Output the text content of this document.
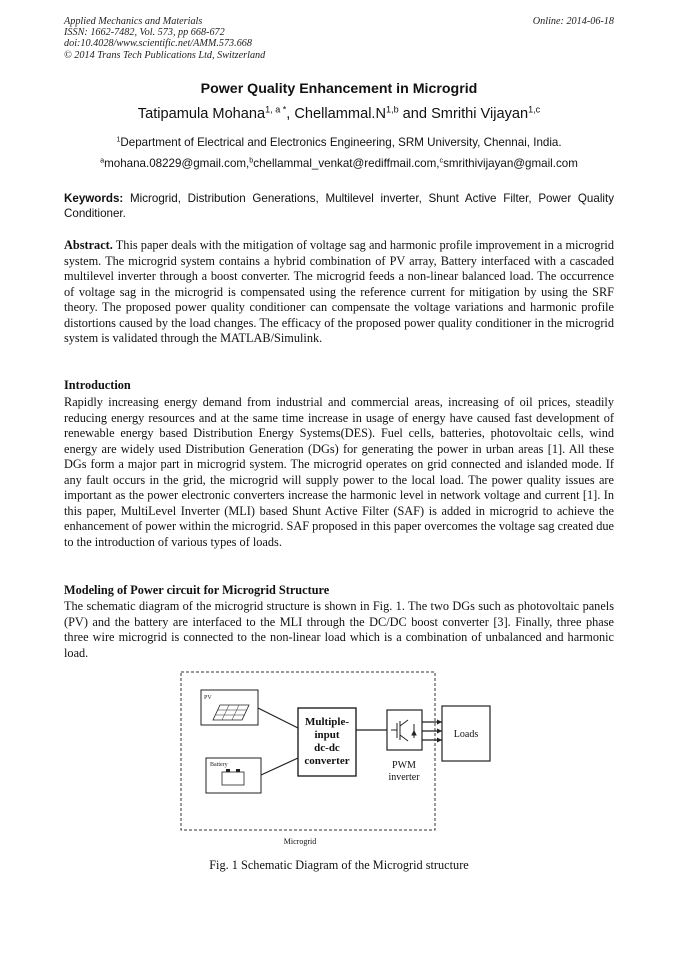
Applied Mechanics and Materials
ISSN: 1662-7482, Vol. 573, pp 668-672
doi:10.4028/www.scientific.net/AMM.573.668
© 2014 Trans Tech Publications Ltd, Switzerland
Online: 2014-06-18
Power Quality Enhancement in Microgrid
Tatipamula Mohana$^{1, a *}$, $Chellammal.N^{1,b}$ and Smrithi Vijayan$^{1,c}$
$^1$Department of Electrical and Electronics Engineering, SRM University, Chennai, India.
$^a$mohana.08229@gmail.com,$^b$chellammal_venkat@rediffmail.com,$^c$smrithivijayan@gmail.com
Keywords: Microgrid, Distribution Generations, Multilevel inverter, Shunt Active Filter, Power Quality Conditioner.
Abstract. This paper deals with the mitigation of voltage sag and harmonic profile improvement in a microgrid system. The microgrid system contains a hybrid combination of PV array, Battery interfaced with a cascaded multilevel inverter through a boost converter. The microgrid feeds a non-linear balanced load. The occurrence of voltage sag in the microgrid is compensated using the reference current for mitigation by using the SRF theory. The proposed power quality conditioner can compensate the voltage variations and harmonic profile distortions caused by the load changes. The efficacy of the proposed power quality conditioner in the microgrid system is validated through the MATLAB/Simulink.
Introduction
Rapidly increasing energy demand from industrial and commercial areas, increasing of oil prices, steadily reducing energy resources and at the same time increase in usage of energy have caused fast development of renewable energy based Distribution Energy Systems(DES). Fuel cells, batteries, photovoltaic cells, wind energy are widely used Distribution Generation (DGs) for generating the power in urban areas [1]. All these DGs form a major part in microgrid system. The microgrid operates on grid connected and islanded mode. If any fault occurs in the grid, the microgrid will supply power to the local load. The power quality issues are important as the power electronic converters increase the harmonic level in network voltage and current [1]. In this paper, MultiLevel Inverter (MLI) based Shunt Active Filter (SAF) is added in microgrid to achieve the enhancement of power within the microgrid. SAF proposed in this paper overcomes the voltage sag created due to the introduction of various types of loads.
Modeling of Power circuit for Microgrid Structure
The schematic diagram of the microgrid structure is shown in Fig. 1. The two DGs such as photovoltaic panels (PV) and the battery are interfaced to the MLI through the DC/DC boost converter [3]. Finally, three phase three wire microgrid is connected to the non-linear load which is a combination of unbalanced and harmonic load.
PV
Battery
Multiple-
input
dc-dc
converter	PWM
inverter
Loads
Microgrid
Fig. 1 Schematic Diagram of the Microgrid structure
